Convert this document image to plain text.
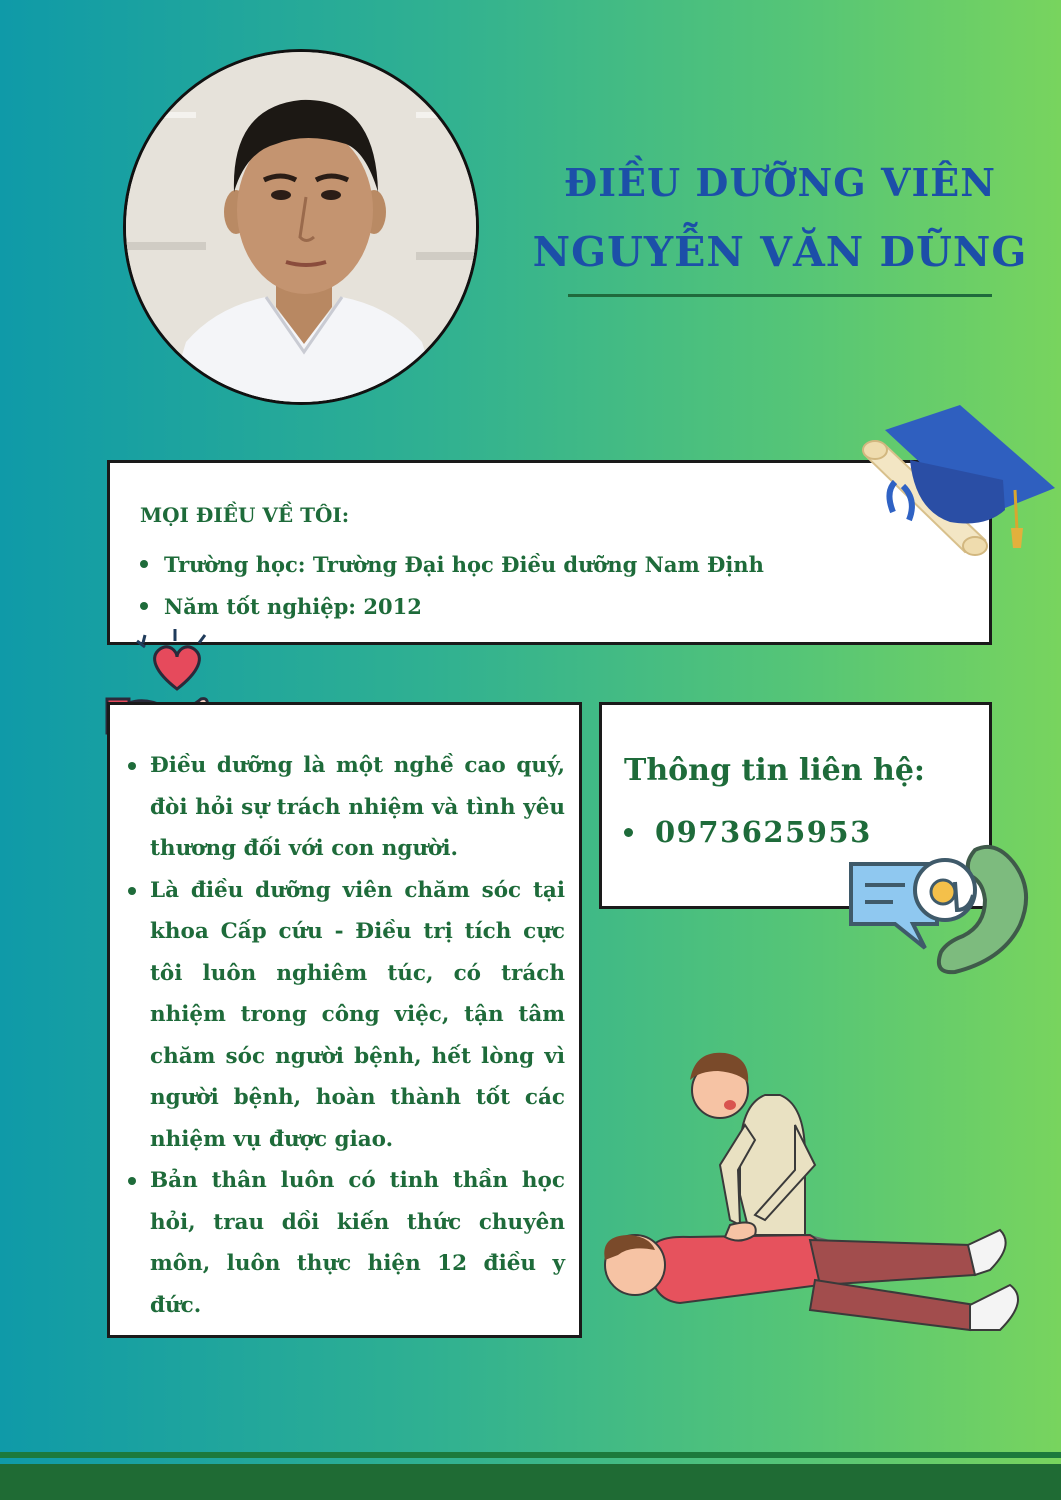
ĐIỀU DƯỠNG VIÊN
NGUYỄN VĂN DŨNG
MỌI ĐIỀU VỀ TÔI:
Trường học: Trường Đại học Điều dưỡng Nam Định
Năm tốt nghiệp: 2012
Điều dưỡng là một nghề cao quý, đòi hỏi sự trách nhiệm và tình yêu thương đối với con người.
Là điều dưỡng viên chăm sóc tại khoa Cấp cứu - Điều trị tích cực tôi luôn nghiêm túc, có trách nhiệm trong công việc, tận tâm chăm sóc người bệnh, hết lòng vì người bệnh, hoàn thành tốt các nhiệm vụ được giao.
Bản thân luôn có tinh thần học hỏi, trau dồi kiến thức chuyên môn, luôn thực hiện 12 điều y đức.
Thông tin liên hệ:
0973625953
